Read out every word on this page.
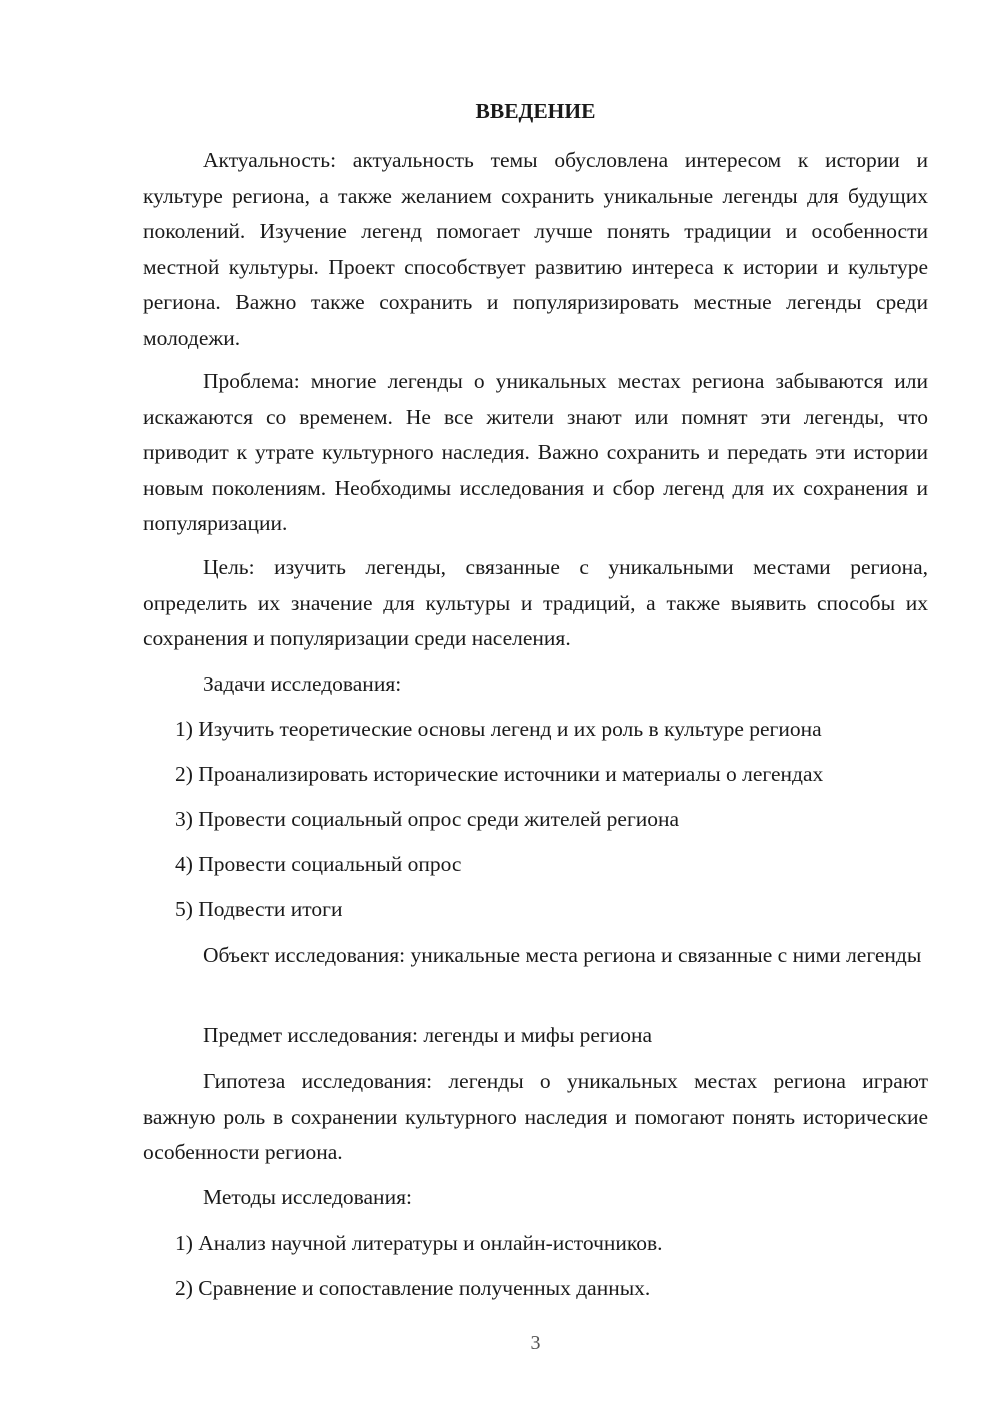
ВВЕДЕНИЕ

Актуальность: актуальность темы обусловлена интересом к истории и культуре региона, а также желанием сохранить уникальные легенды для будущих поколений. Изучение легенд помогает лучше понять традиции и особенности местной культуры. Проект способствует развитию интереса к истории и культуре региона. Важно также сохранить и популяризировать местные легенды среди молодежи.

Проблема: многие легенды о уникальных местах региона забываются или искажаются со временем. Не все жители знают или помнят эти легенды, что приводит к утрате культурного наследия. Важно сохранить и передать эти истории новым поколениям. Необходимы исследования и сбор легенд для их сохранения и популяризации.

Цель: изучить легенды, связанные с уникальными местами региона, определить их значение для культуры и традиций, а также выявить способы их сохранения и популяризации среди населения.

Задачи исследования:

1) Изучить теоретические основы легенд и их роль в культуре региона

2) Проанализировать исторические источники и материалы о легендах

3) Провести социальный опрос среди жителей региона

4) Провести социальный опрос

5) Подвести итоги

Объект исследования: уникальные места региона и связанные с ними легенды

Предмет исследования: легенды и мифы региона

Гипотеза исследования: легенды о уникальных местах региона играют важную роль в сохранении культурного наследия и помогают понять исторические особенности региона.

Методы исследования:

1) Анализ научной литературы и онлайн-источников.

2) Сравнение и сопоставление полученных данных.

3
